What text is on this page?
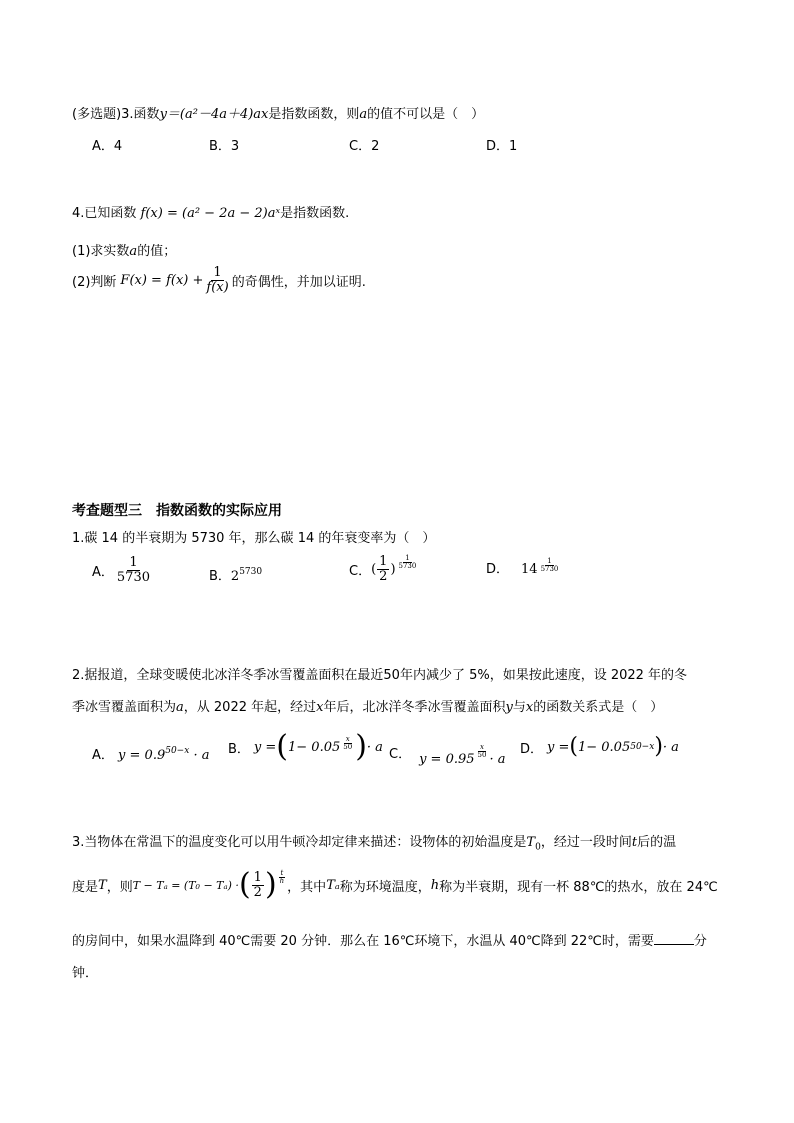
(多选题)3.函数y＝(a²－4a＋4)ax是指数函数，则a的值不可以是（　）
A．4	B．3	C．2	D．1
4.已知函数 f(x) = (a² − 2a − 2)aˣ是指数函数.
(1)求实数a的值；
(2)判断 $F(x) = f(x) + \frac{1}{f(x)}$ 的奇偶性，并加以证明.
考查题型三　指数函数的实际应用
1.碳 14 的半衰期为 5730 年，那么碳 14 的年衰变率为（　）
A． $\frac{1}{5730}$	B．$2^{5730}$	C． ( $\frac{1}{2}$ ) $\frac{1}{5730}$	D． $14 \frac{1}{5730}$
2.据报道，全球变暖使北冰洋冬季冰雪覆盖面积在最近50年内减少了 5%，如果按此速度，设 2022 年的冬
季冰雪覆盖面积为a，从 2022 年起，经过x年后，北冰洋冬季冰雪覆盖面积y与x的函数关系式是（　）
A． $y = 0.9^{50-x} \cdot a$ B． y = ( $1- 0.05 \frac{x}{50}$ ) · a C． $y = 0.95 \frac{x}{50} \cdot a$
D． y = ( 1− 0.05 50−x ) · a
3.当物体在常温下的温度变化可以用牛顿冷却定律来描述：设物体的初始温度是$T_0$，经过一段时间t后的温
度是 T ，则 T − Tₐ = (T₀ − Tₐ) · ( $\frac{1}{2}$ ) $\frac{t}{h}$
，其中 Tₐ 称为环境温度， h 称为半衰期，现有一杯 88℃的热水，放在 24℃
的房间中，如果水温降到 40℃需要 20 分钟．那么在 16℃环境下，水温从 40℃降到 22℃时，需要	分
钟．
